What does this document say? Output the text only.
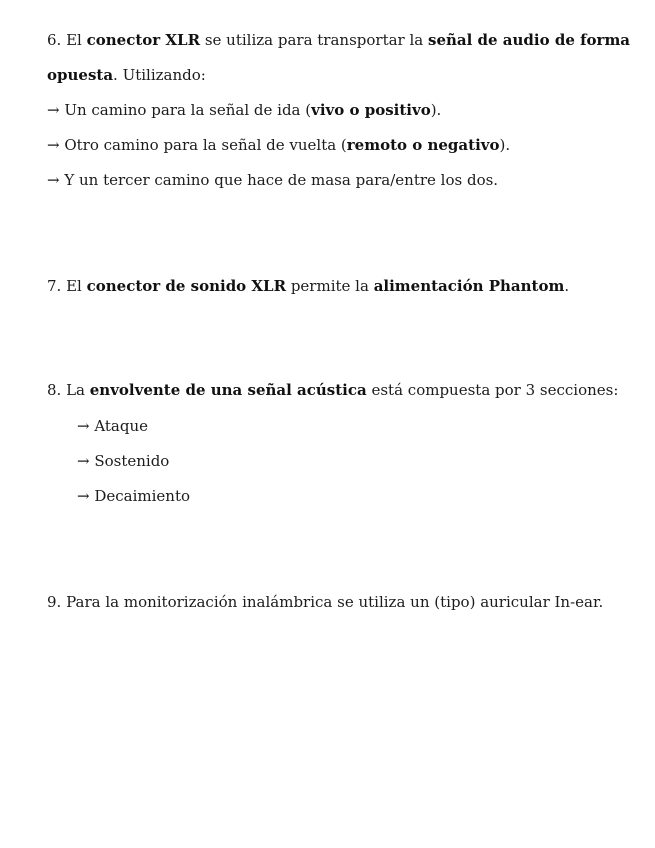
6. El conector XLR se utiliza para transportar la señal de audio de forma
opuesta. Utilizando:
→ Un camino para la señal de ida (vivo o positivo).
→ Otro camino para la señal de vuelta (remoto o negativo).
→ Y un tercer camino que hace de masa para/entre los dos.
7. El conector de sonido XLR permite la alimentación Phantom.
8. La envolvente de una señal acústica está compuesta por 3 secciones:
→ Ataque
→ Sostenido
→ Decaimiento
9. Para la monitorización inalámbrica se utiliza un (tipo) auricular In-ear.
